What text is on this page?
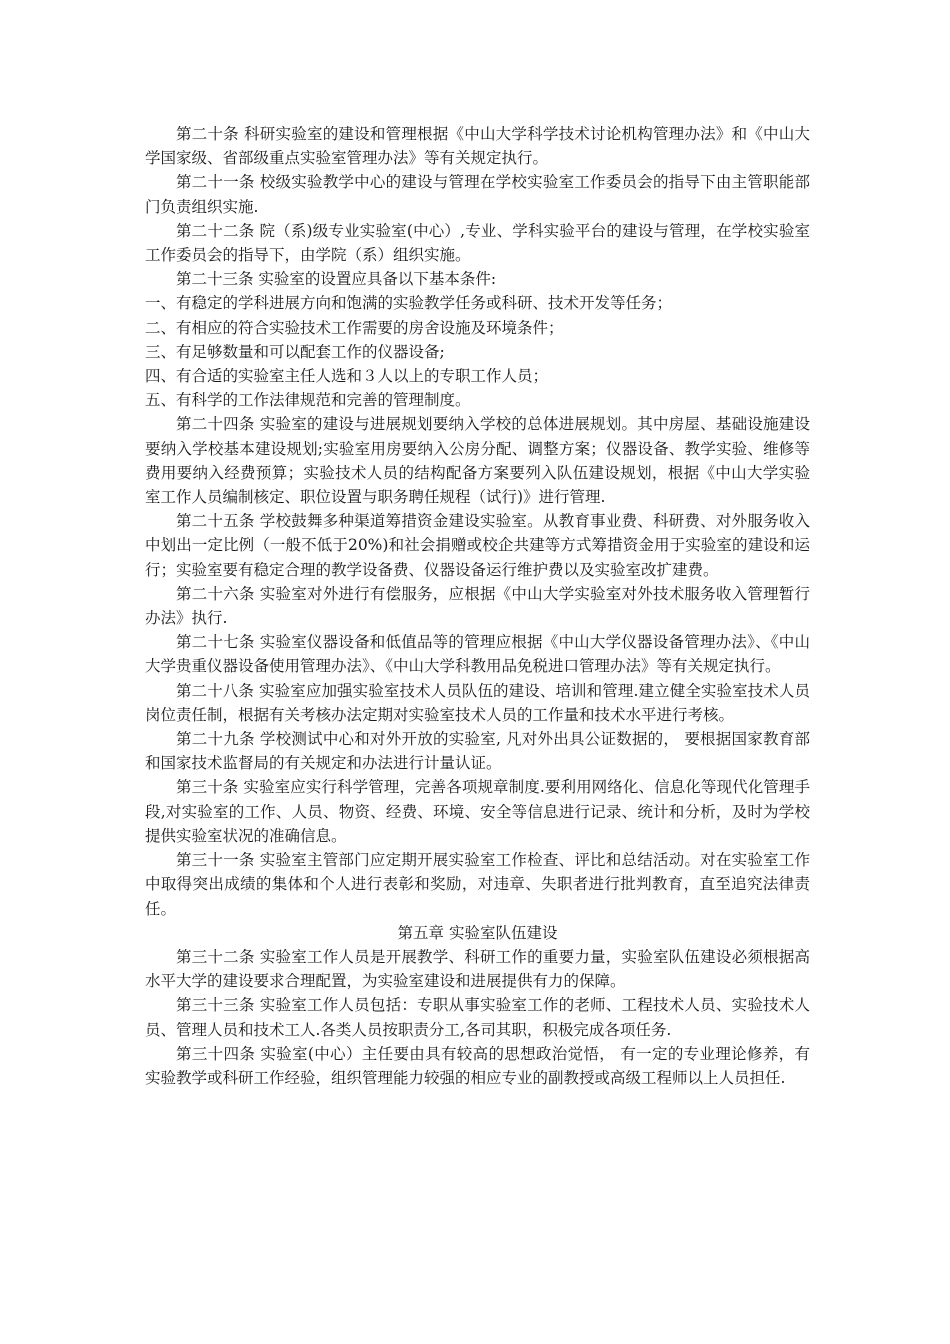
第二十条 科研实验室的建设和管理根据《中山大学科学技术讨论机构管理办法》和《中山大学国家级、省部级重点实验室管理办法》等有关规定执行。

第二十一条 校级实验教学中心的建设与管理在学校实验室工作委员会的指导下由主管职能部门负责组织实施.

第二十二条 院（系)级专业实验室(中心）,专业、学科实验平台的建设与管理，在学校实验室工作委员会的指导下，由学院（系）组织实施。

第二十三条 实验室的设置应具备以下基本条件:

一、有稳定的学科进展方向和饱满的实验教学任务或科研、技术开发等任务；

二、有相应的符合实验技术工作需要的房舍设施及环境条件；

三、有足够数量和可以配套工作的仪器设备;

四、有合适的实验室主任人选和３人以上的专职工作人员；

五、有科学的工作法律规范和完善的管理制度。

第二十四条 实验室的建设与进展规划要纳入学校的总体进展规划。其中房屋、基础设施建设要纳入学校基本建设规划;实验室用房要纳入公房分配、调整方案；仪器设备、教学实验、维修等费用要纳入经费预算；实验技术人员的结构配备方案要列入队伍建设规划，根据《中山大学实验室工作人员编制核定、职位设置与职务聘任规程（试行)》进行管理.

第二十五条 学校鼓舞多种渠道筹措资金建设实验室。从教育事业费、科研费、对外服务收入中划出一定比例（一般不低于20%)和社会捐赠或校企共建等方式筹措资金用于实验室的建设和运行；实验室要有稳定合理的教学设备费、仪器设备运行维护费以及实验室改扩建费。

第二十六条 实验室对外进行有偿服务，应根据《中山大学实验室对外技术服务收入管理暂行办法》执行.

第二十七条 实验室仪器设备和低值品等的管理应根据《中山大学仪器设备管理办法》、《中山大学贵重仪器设备使用管理办法》、《中山大学科教用品免税进口管理办法》等有关规定执行。

第二十八条 实验室应加强实验室技术人员队伍的建设、培训和管理.建立健全实验室技术人员岗位责任制，根据有关考核办法定期对实验室技术人员的工作量和技术水平进行考核。

第二十九条 学校测试中心和对外开放的实验室, 凡对外出具公证数据的， 要根据国家教育部和国家技术监督局的有关规定和办法进行计量认证。

第三十条 实验室应实行科学管理，完善各项规章制度.要利用网络化、信息化等现代化管理手段,对实验室的工作、人员、物资、经费、环境、安全等信息进行记录、统计和分析，及时为学校提供实验室状况的准确信息。

第三十一条 实验室主管部门应定期开展实验室工作检查、评比和总结活动。对在实验室工作中取得突出成绩的集体和个人进行表彰和奖励，对违章、失职者进行批判教育，直至追究法律责任。

第五章 实验室队伍建设

第三十二条 实验室工作人员是开展教学、科研工作的重要力量，实验室队伍建设必须根据高水平大学的建设要求合理配置，为实验室建设和进展提供有力的保障。

第三十三条 实验室工作人员包括：专职从事实验室工作的老师、工程技术人员、实验技术人员、管理人员和技术工人.各类人员按职责分工,各司其职，积极完成各项任务.

第三十四条 实验室(中心）主任要由具有较高的思想政治觉悟， 有一定的专业理论修养，有实验教学或科研工作经验，组织管理能力较强的相应专业的副教授或高级工程师以上人员担任.
